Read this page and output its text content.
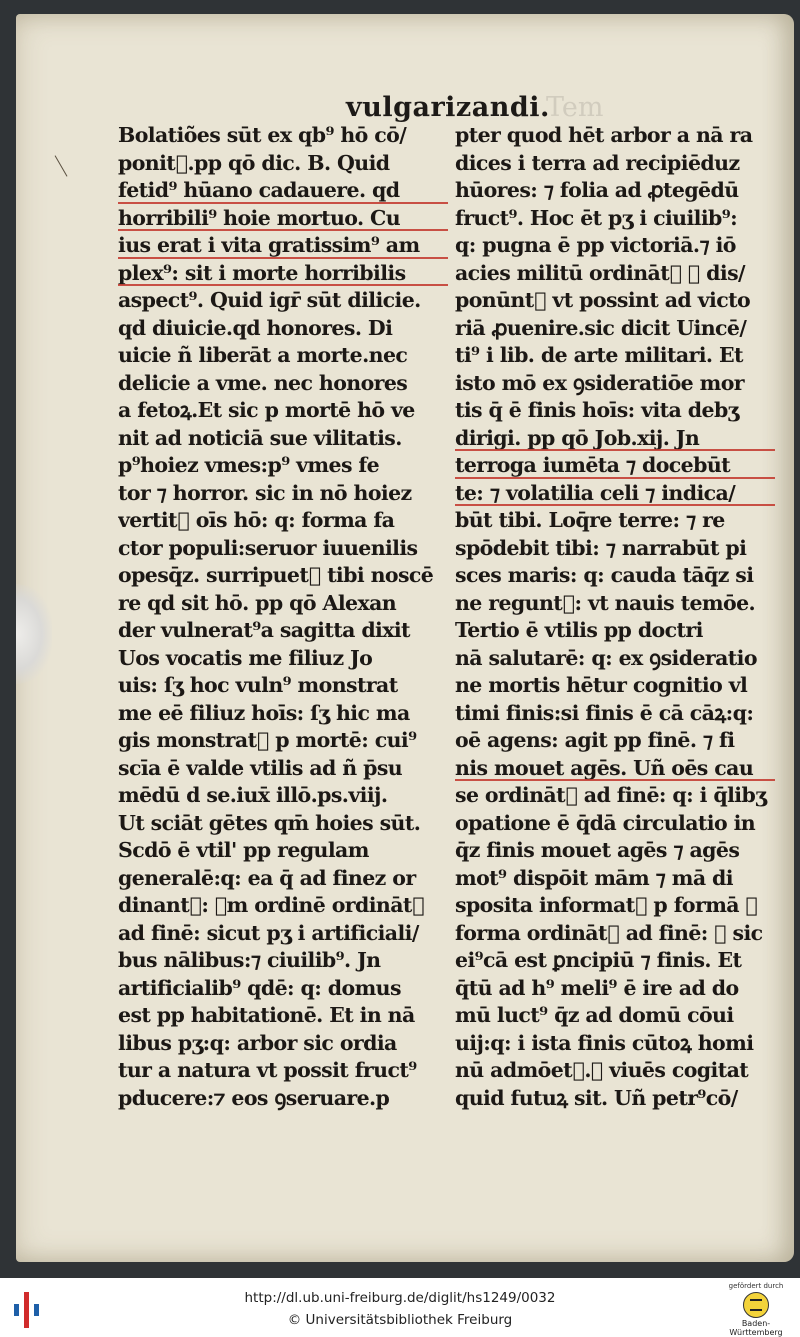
vulgarizandi.
Tem
Bolatiões sūt ex qb⁹ hō cō/
ponit᷑.pp qō dic. B. Quid
fetid⁹ hūano cadauere. qd
horribili⁹ hoie mortuo. Cu
ius erat i vita gratissim⁹ am
plex⁹: sit i morte horribilis
aspect⁹. Quid igr̄ sūt dilicie.
qd diuicie.qd honores. Di
uicie ñ liberāt a morte.nec
delicie a vme. nec honores
a fetoꝝ.Et sic p mortē hō ve
nit ad noticiā sue vilitatis.
p⁹hoiez vmes:p⁹ vmes fe
tor ⁊ horror. sic in nō hoiez
vertit᷑ oīs hō: q: forma fa
ctor populi:seruor iuuenilis
opesq̄z. surripuet᷑ tibi noscē
re qd sit hō. pp qō Alexan
der vulnerat⁹a sagitta dixit
Uos vocatis me filiuz Jo
uis: ſʒ hoc vuln⁹ monstrat
me eē filiuz hoīs: ſʒ hic ma
gis monstrat᷑ p mortē: cui⁹
scīa ē valde vtilis ad ñ p̄su
mēdū d se.iux̄ illō.ps.viij.
Ut sciāt gētes qm̄ hoies sūt.
Scdō ē vtil' pp regulam
generalē:q: ea q̄ ad finez or
dinant᷑: ꝭm ordinē ordināt᷑
ad finē: sicut pʒ i artificiali/
bus nālibus:⁊ ciuilib⁹. Jn
artificialib⁹ qdē: q: domus
est pp habitationē. Et in nā
libus pʒ:q: arbor sic ordia
tur a natura vt possit fruct⁹
pducere:⁊ eos ꝯseruare.p
pter quod hēt arbor a nā ra
dices i terra ad recipiēduz
hūores: ⁊ folia ad ꝓtegēdū
fruct⁹. Hoc ēt pʒ i ciuilib⁹:
q: pugna ē pp victoriā.⁊ iō
acies militū ordināt᷑ ⁊ dis/
ponūnt᷑ vt possint ad victo
riā ꝓuenire.sic dicit Uincē/
ti⁹ i lib. de arte militari. Et
isto mō ex ꝯsideratiōe mor
tis q̄ ē finis hoīs: vita debʒ
dirigi. pp qō Job.xij. Jn
terroga iumēta ⁊ docebūt
te: ⁊ volatilia celi ⁊ indica/
būt tibi. Loq̄re terre: ⁊ re
spōdebit tibi: ⁊ narrabūt pi
sces maris: q: cauda tāq̄z si
ne regunt᷑: vt nauis temōe.
Tertio ē vtilis pp doctri
nā salutarē: q: ex ꝯsideratio
ne mortis hētur cognitio vl
timi finis:si finis ē cā cāꝝ:q:
oē agens: agit pp finē. ⁊ fi
nis mouet agēs. Uñ oēs cau
se ordināt᷑ ad finē: q: i q̄libʒ
opatione ē q̄dā circulatio in
q̄z finis mouet agēs ⁊ agēs
mot⁹ dispōit mām ⁊ mā di
sposita informat᷑ p formā ⁊
forma ordināt᷑ ad finē: ⁊ sic
ei⁹cā est ꝑncipiū ⁊ finis. Et
q̄tū ad h⁹ meli⁹ ē ire ad do
mū luct⁹ q̄z ad domū cōui
uij:q: i ista finis cūtoꝝ homi
nū admōet᷑.⁊ viuēs cogitat
quid futuꝝ sit. Uñ petr⁹cō/
http://dl.ub.uni-freiburg.de/diglit/hs1249/0032
© Universitätsbibliothek Freiburg
gefördert durch
Baden-Württemberg
